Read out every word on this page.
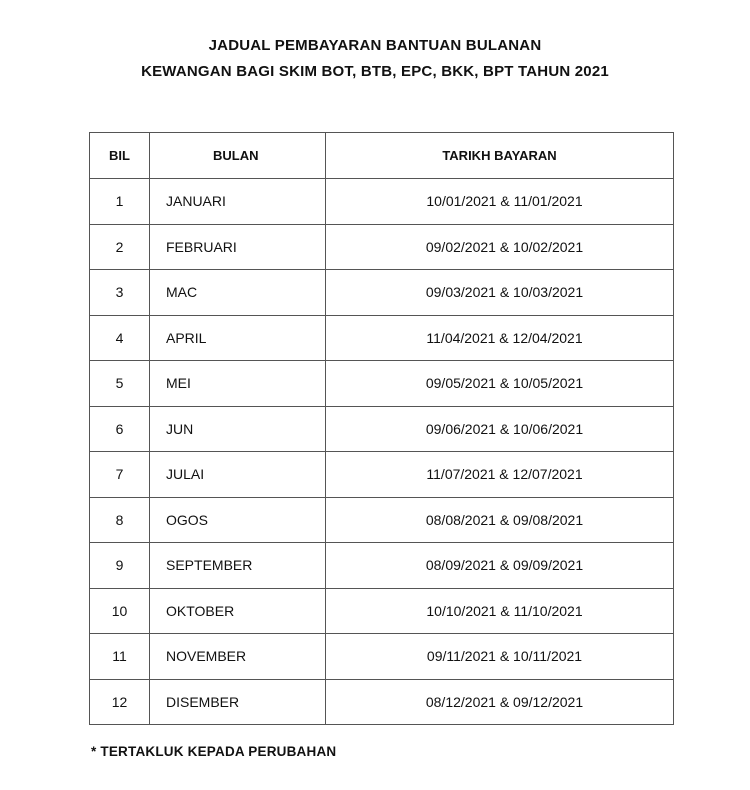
JADUAL PEMBAYARAN BANTUAN BULANAN
KEWANGAN BAGI SKIM BOT, BTB, EPC, BKK, BPT TAHUN 2021
BIL	BULAN	TARIKH BAYARAN
1	JANUARI	10/01/2021 & 11/01/2021
2	FEBRUARI	09/02/2021 & 10/02/2021
3	MAC	09/03/2021 & 10/03/2021
4	APRIL	11/04/2021 & 12/04/2021
5	MEI	09/05/2021 & 10/05/2021
6	JUN	09/06/2021 & 10/06/2021
7	JULAI	11/07/2021 & 12/07/2021
8	OGOS	08/08/2021 & 09/08/2021
9	SEPTEMBER	08/09/2021 & 09/09/2021
10	OKTOBER	10/10/2021 & 11/10/2021
11	NOVEMBER	09/11/2021 & 10/11/2021
12	DISEMBER	08/12/2021 & 09/12/2021
* TERTAKLUK KEPADA PERUBAHAN
